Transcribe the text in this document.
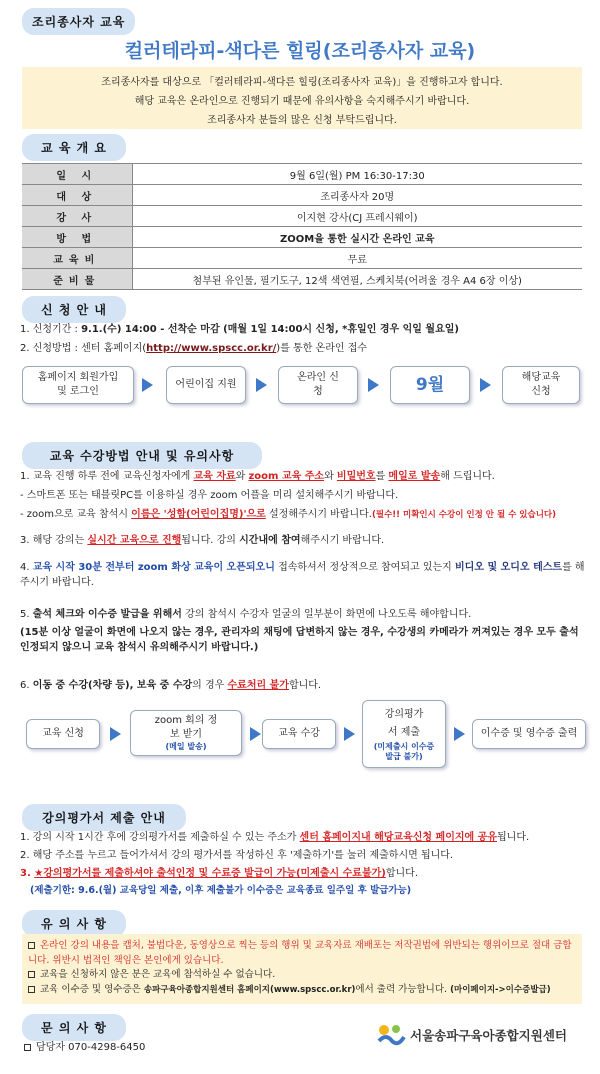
조리종사자 교육
컬러테라피-색다른 힐링(조리종사자 교육)
조리종사자를 대상으로 「컬러테라피-색다른 힐링(조리종사자 교육)」을 진행하고자 합니다.
해당 교육은 온라인으로 진행되기 때문에 유의사항을 숙지해주시기 바랍니다.
조리종사자 분들의 많은 신청 부탁드립니다.
교 육 개 요
일 시	9월 6일(월) PM 16:30-17:30
대 상	조리종사자 20명
강 사	이지현 강사(CJ 프레시웨이)
방 법	ZOOM을 통한 실시간 온라인 교육
교육비	무료
준비물	첨부된 유인물, 필기도구, 12색 색연필, 스케치북(어려울 경우 A4 6장 이상)
신 청 안 내
1. 신청기간 : 9.1.(수) 14:00 - 선착순 마감 (매월 1일 14:00시 신청, *휴일인 경우 익일 월요일)
2. 신청방법 : 센터 홈페이지(http://www.spscc.or.kr/)를 통한 온라인 접수
홈페이지 회원가입 및 로그인
어린이집 지원
온라인 신청	9월	해당교육 신청
교육 수강방법 안내 및 유의사항
1. 교육 진행 하루 전에 교육신청자에게 교육 자료와 zoom 교육 주소와 비밀번호를 메일로 발송해 드립니다.
- 스마트폰 또는 태블릿PC를 이용하실 경우 zoom 어플을 미리 설치해주시기 바랍니다.
- zoom으로 교육 참석시 이름은 '성함(어린이집명)'으로 설정해주시기 바랍니다.(필수!! 미확인시 수강이 인정 안 될 수 있습니다)
3. 해당 강의는 실시간 교육으로 진행됩니다. 강의 시간내에 참여해주시기 바랍니다.
4. 교육 시작 30분 전부터 zoom 화상 교육이 오픈되오니 접속하셔서 정상적으로 참여되고 있는지 비디오 및 오디오 테스트를 해주시기 바랍니다.
5. 출석 체크와 이수증 발급을 위해서 강의 참석시 수강자 얼굴의 일부분이 화면에 나오도록 해야합니다.
(15분 이상 얼굴이 화면에 나오지 않는 경우, 관리자의 채팅에 답변하지 않는 경우, 수강생의 카메라가 꺼져있는 경우 모두 출석 인정되지 않으니 교육 참석시 유의해주시기 바랍니다.)
6. 이동 중 수강(차량 등), 보육 중 수강의 경우 수료처리 불가합니다.
교육 신청
zoom 회의 정보 받기
(메일 발송)
교육 수강
강의평가서 제출
(미제출시 이수증 발급 불가)
이수증 및 영수증 출력
강의평가서 제출 안내
1. 강의 시작 1시간 후에 강의평가서를 제출하실 수 있는 주소가 센터 홈페이지내 해당교육신청 페이지에 공유됩니다.
2. 해당 주소를 누르고 들어가셔서 강의 평가서를 작성하신 후 '제출하기'를 눌러 제출하시면 됩니다.
3. ★강의평가서를 제출하셔야 출석인정 및 수료증 발급이 가능(미제출시 수료불가)합니다.
(제출기한: 9.6.(월) 교육당일 제출, 이후 제출불가 이수증은 교육종료 일주일 후 발급가능)
유 의 사 항
온라인 강의 내용을 캡처, 불법다운, 동영상으로 찍는 등의 행위 및 교육자료 재배포는 저작권법에 위반되는 행위이므로 절대 금합니다. 위반시 법적인 책임은 본인에게 있습니다.
교육을 신청하지 않은 분은 교육에 참석하실 수 없습니다.
교육 이수증 및 영수증은 송파구육아종합지원센터 홈페이지(www.spscc.or.kr)에서 출력 가능합니다. (마이페이지->이수증발급)
문 의 사 항
담당자 070-4298-6450
서울송파구육아종합지원센터
